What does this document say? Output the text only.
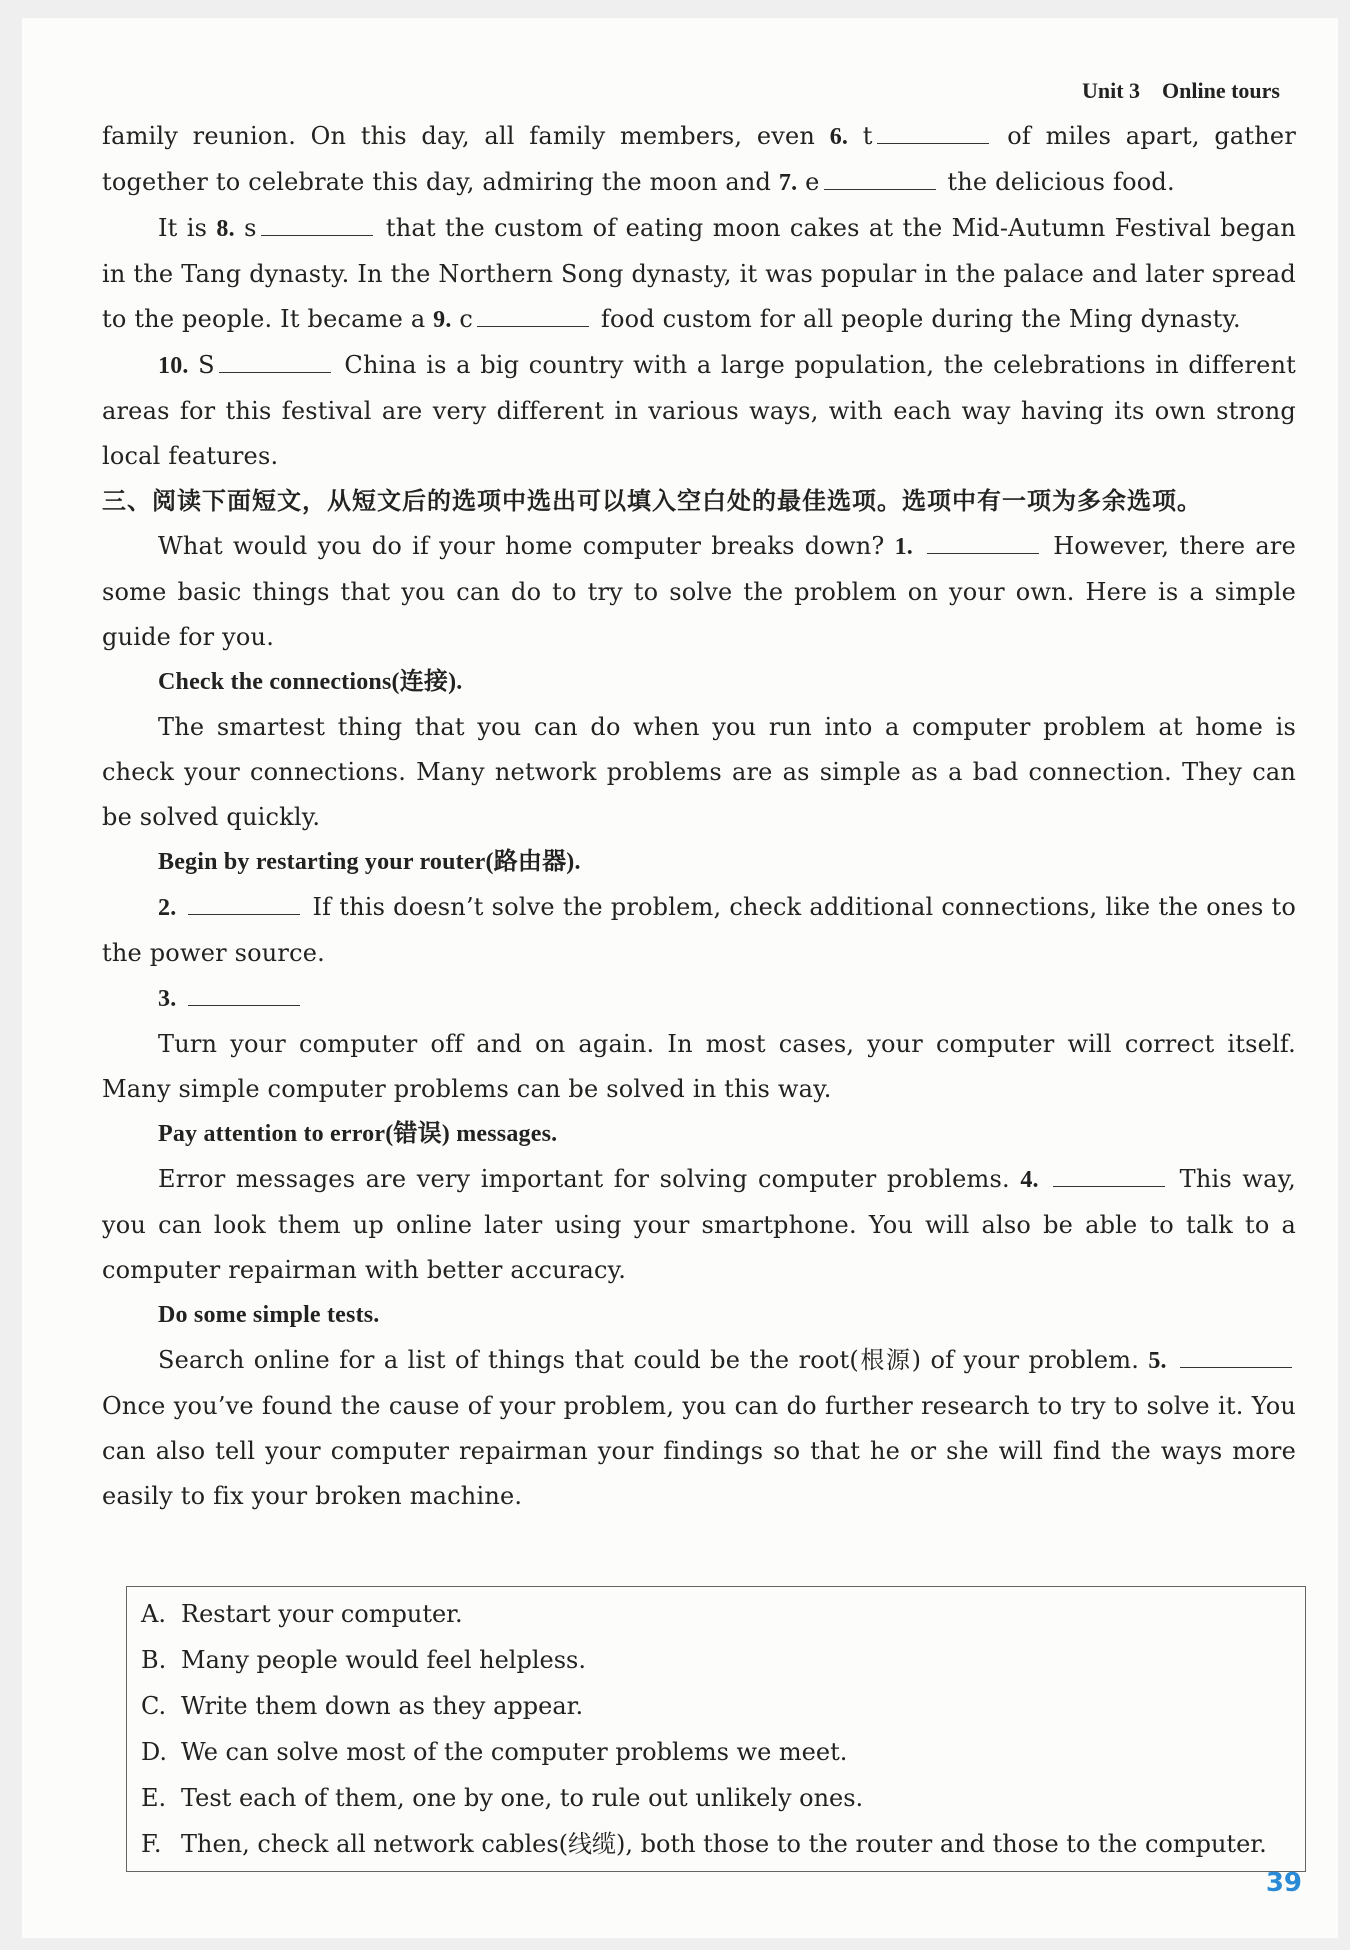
Unit 3 Online tours

family reunion. On this day, all family members, even 6. t	of miles apart, gather together to celebrate this day, admiring the moon and 7. e	the delicious food.

It is 8. s	that the custom of eating moon cakes at the Mid-Autumn Festival began in the Tang dynasty. In the Northern Song dynasty, it was popular in the palace and later spread to the people. It became a 9. c	food custom for all people during the Ming dynasty.

10. S	China is a big country with a large population, the celebrations in different areas for this festival are very different in various ways, with each way having its own strong local features.

三、阅读下面短文，从短文后的选项中选出可以填入空白处的最佳选项。选项中有一项为多余选项。

What would you do if your home computer breaks down? 1.	However, there are some basic things that you can do to try to solve the problem on your own. Here is a simple guide for you.

Check the connections(连接).

The smartest thing that you can do when you run into a computer problem at home is check your connections. Many network problems are as simple as a bad connection. They can be solved quickly.

Begin by restarting your router(路由器).

2.	If this doesn’t solve the problem, check additional connections, like the ones to the power source.

3.

Turn your computer off and on again. In most cases, your computer will correct itself. Many simple computer problems can be solved in this way.

Pay attention to error(错误) messages.

Error messages are very important for solving computer problems. 4.	This way, you can look them up online later using your smartphone. You will also be able to talk to a computer repairman with better accuracy.

Do some simple tests.

Search online for a list of things that could be the root(根源) of your problem. 5.  Once you’ve found the cause of your problem, you can do further research to try to solve it. You can also tell your computer repairman your findings so that he or she will find the ways more easily to fix your broken machine.

A. Restart your computer.
B. Many people would feel helpless.
C. Write them down as they appear.
D. We can solve most of the computer problems we meet.
E. Test each of them, one by one, to rule out unlikely ones.
F. Then, check all network cables(线缆), both those to the router and those to the computer.
39
